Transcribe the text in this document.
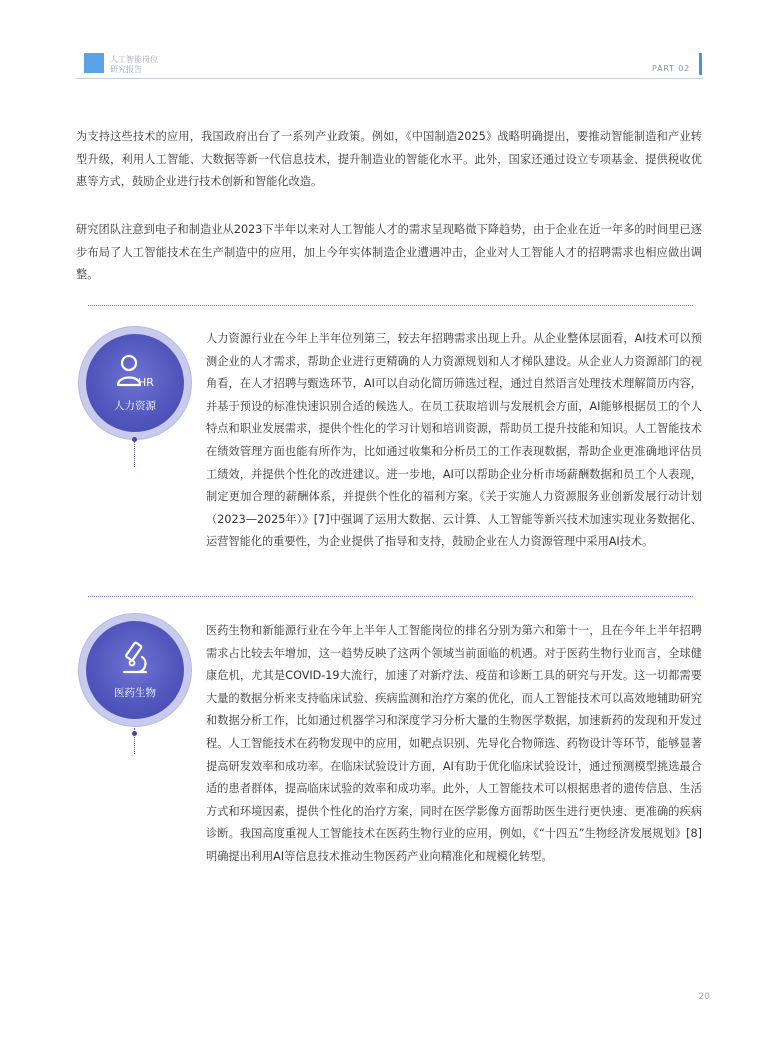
人工智能岗位
研究报告	PART 02

为支持这些技术的应用，我国政府出台了一系列产业政策。例如，《中国制造2025》战略明确提出，要推动智能制造和产业转型升级，利用人工智能、大数据等新一代信息技术，提升制造业的智能化水平。此外，国家还通过设立专项基金、提供税收优惠等方式，鼓励企业进行技术创新和智能化改造。

研究团队注意到电子和制造业从2023下半年以来对人工智能人才的需求呈现略微下降趋势，由于企业在近一年多的时间里已逐步布局了人工智能技术在生产制造中的应用，加上今年实体制造企业遭遇冲击，企业对人工智能人才的招聘需求也相应做出调整。

HR
人力资源

人力资源行业在今年上半年位列第三，较去年招聘需求出现上升。从企业整体层面看，AI技术可以预测企业的人才需求，帮助企业进行更精确的人力资源规划和人才梯队建设。从企业人力资源部门的视角看，在人才招聘与甄选环节，AI可以自动化简历筛选过程，通过自然语言处理技术理解简历内容，并基于预设的标准快速识别合适的候选人。在员工获取培训与发展机会方面，AI能够根据员工的个人特点和职业发展需求，提供个性化的学习计划和培训资源，帮助员工提升技能和知识。人工智能技术在绩效管理方面也能有所作为，比如通过收集和分析员工的工作表现数据，帮助企业更准确地评估员工绩效，并提供个性化的改进建议。进一步地，AI可以帮助企业分析市场薪酬数据和员工个人表现，制定更加合理的薪酬体系，并提供个性化的福利方案。《关于实施人力资源服务业创新发展行动计划（2023—2025年）》[7]中强调了运用大数据、云计算、人工智能等新兴技术加速实现业务数据化、运营智能化的重要性，为企业提供了指导和支持，鼓励企业在人力资源管理中采用AI技术。

医药生物

医药生物和新能源行业在今年上半年人工智能岗位的排名分别为第六和第十一，且在今年上半年招聘需求占比较去年增加，这一趋势反映了这两个领域当前面临的机遇。对于医药生物行业而言，全球健康危机，尤其是COVID-19大流行，加速了对新疗法、疫苗和诊断工具的研究与开发。这一切都需要大量的数据分析来支持临床试验、疾病监测和治疗方案的优化，而人工智能技术可以高效地辅助研究和数据分析工作，比如通过机器学习和深度学习分析大量的生物医学数据，加速新药的发现和开发过程。人工智能技术在药物发现中的应用，如靶点识别、先导化合物筛选、药物设计等环节，能够显著提高研发效率和成功率。在临床试验设计方面，AI有助于优化临床试验设计，通过预测模型挑选最合适的患者群体，提高临床试验的效率和成功率。此外，人工智能技术可以根据患者的遗传信息、生活方式和环境因素，提供个性化的治疗方案，同时在医学影像方面帮助医生进行更快速、更准确的疾病诊断。我国高度重视人工智能技术在医药生物行业的应用，例如，《“十四五”生物经济发展规划》[8]明确提出利用AI等信息技术推动生物医药产业向精准化和规模化转型。

20
